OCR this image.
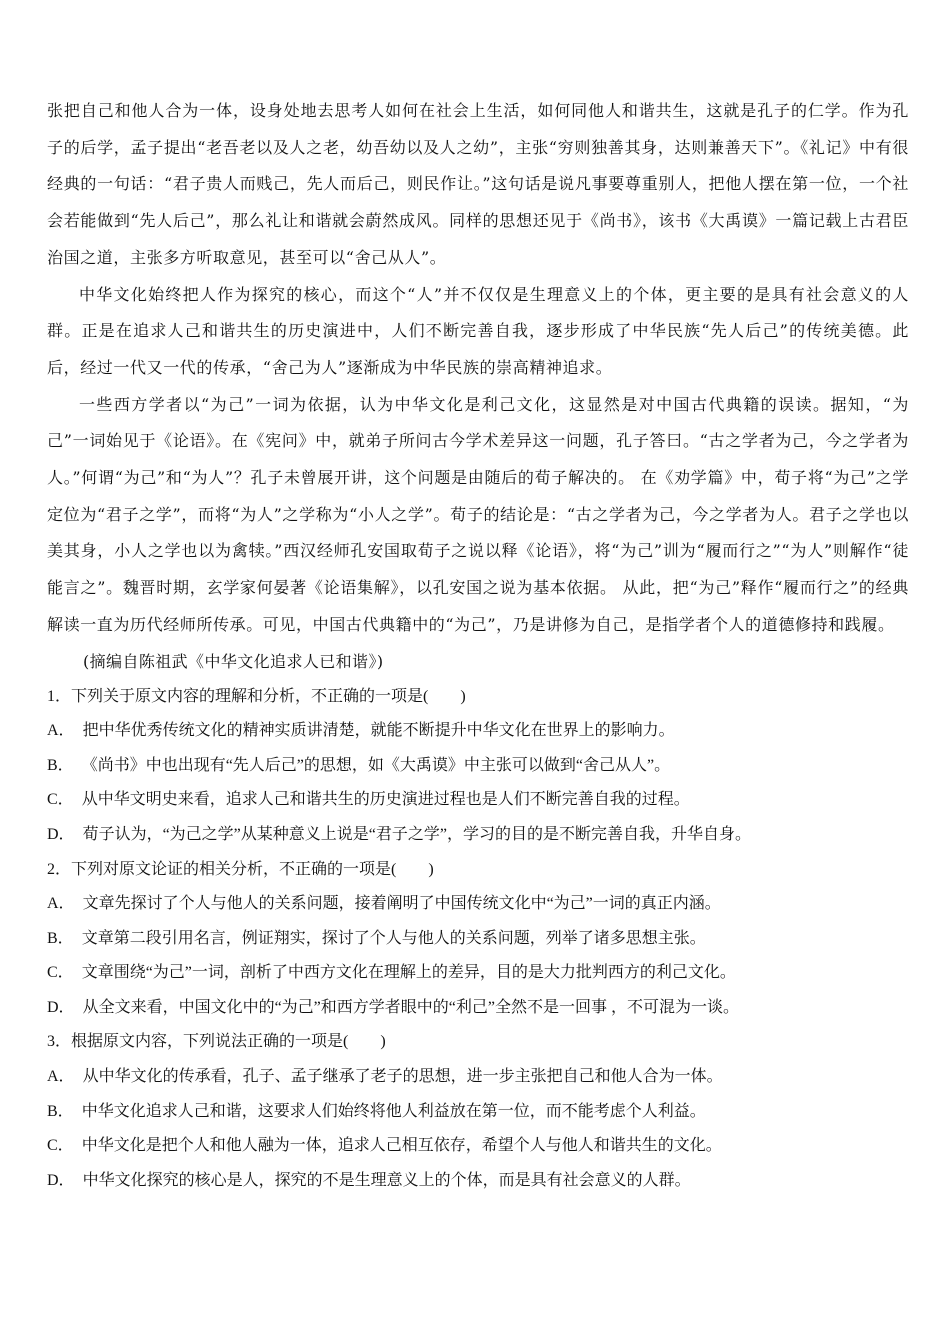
张把自己和他人合为一体，设身处地去思考人如何在社会上生活，如何同他人和谐共生，这就是孔子的仁学。作为孔子的后学，孟子提出“老吾老以及人之老，幼吾幼以及人之幼”，主张“穷则独善其身，达则兼善天下”。《礼记》中有很经典的一句话：“君子贵人而贱己，先人而后己，则民作让。”这句话是说凡事要尊重别人，把他人摆在第一位，一个社会若能做到“先人后己”，那么礼让和谐就会蔚然成风。同样的思想还见于《尚书》，该书《大禹谟》一篇记载上古君臣治国之道，主张多方听取意见，甚至可以“舍己从人”。

中华文化始终把人作为探究的核心，而这个“人”并不仅仅是生理意义上的个体，更主要的是具有社会意义的人群。正是在追求人己和谐共生的历史演进中，人们不断完善自我，逐步形成了中华民族“先人后己”的传统美德。此后，经过一代又一代的传承，“舍己为人”逐渐成为中华民族的崇高精神追求。

一些西方学者以“为己”一词为依据，认为中华文化是利己文化，这显然是对中国古代典籍的误读。据知，“为己”一词始见于《论语》。在《宪问》中，就弟子所问古今学术差异这一问题，孔子答曰。“古之学者为己，今之学者为人。”何谓“为己”和“为人”？孔子未曾展开讲，这个问题是由随后的荀子解决的。 在《劝学篇》中，荀子将“为己”之学定位为“君子之学”，而将“为人”之学称为“小人之学”。荀子的结论是：“古之学者为己，今之学者为人。君子之学也以美其身，小人之学也以为禽犊。”西汉经师孔安国取荀子之说以释《论语》，将“为己”训为“履而行之”“为人”则解作“徒能言之”。魏晋时期，玄学家何晏著《论语集解》，以孔安国之说为基本依据。 从此，把“为己”释作“履而行之”的经典解读一直为历代经师所传承。可见，中国古代典籍中的“为己”，乃是讲修为自己，是指学者个人的道德修持和践履。

(摘编自陈祖武《中华文化追求人已和谐》)

1．下列关于原文内容的理解和分析，不正确的一项是(　　)

A． 把中华优秀传统文化的精神实质讲清楚，就能不断提升中华文化在世界上的影响力。

B． 《尚书》中也出现有“先人后己”的思想，如《大禹谟》中主张可以做到“舍己从人”。

C． 从中华文明史来看，追求人己和谐共生的历史演进过程也是人们不断完善自我的过程。

D． 荀子认为，“为己之学”从某种意义上说是“君子之学”，学习的目的是不断完善自我，升华自身。

2．下列对原文论证的相关分析，不正确的一项是(　　)

A． 文章先探讨了个人与他人的关系问题，接着阐明了中国传统文化中“为己”一词的真正内涵。

B． 文章第二段引用名言，例证翔实，探讨了个人与他人的关系问题，列举了诸多思想主张。

C． 文章围绕“为己”一词，剖析了中西方文化在理解上的差异，目的是大力批判西方的利己文化。

D． 从全文来看，中国文化中的“为己”和西方学者眼中的“利己”全然不是一回事 ，不可混为一谈。

3．根据原文内容，下列说法正确的一项是(　　)

A． 从中华文化的传承看，孔子、孟子继承了老子的思想，进一步主张把自己和他人合为一体。

B． 中华文化追求人己和谐，这要求人们始终将他人利益放在第一位，而不能考虑个人利益。

C． 中华文化是把个人和他人融为一体，追求人己相互依存，希望个人与他人和谐共生的文化。

D． 中华文化探究的核心是人，探究的不是生理意义上的个体，而是具有社会意义的人群。
